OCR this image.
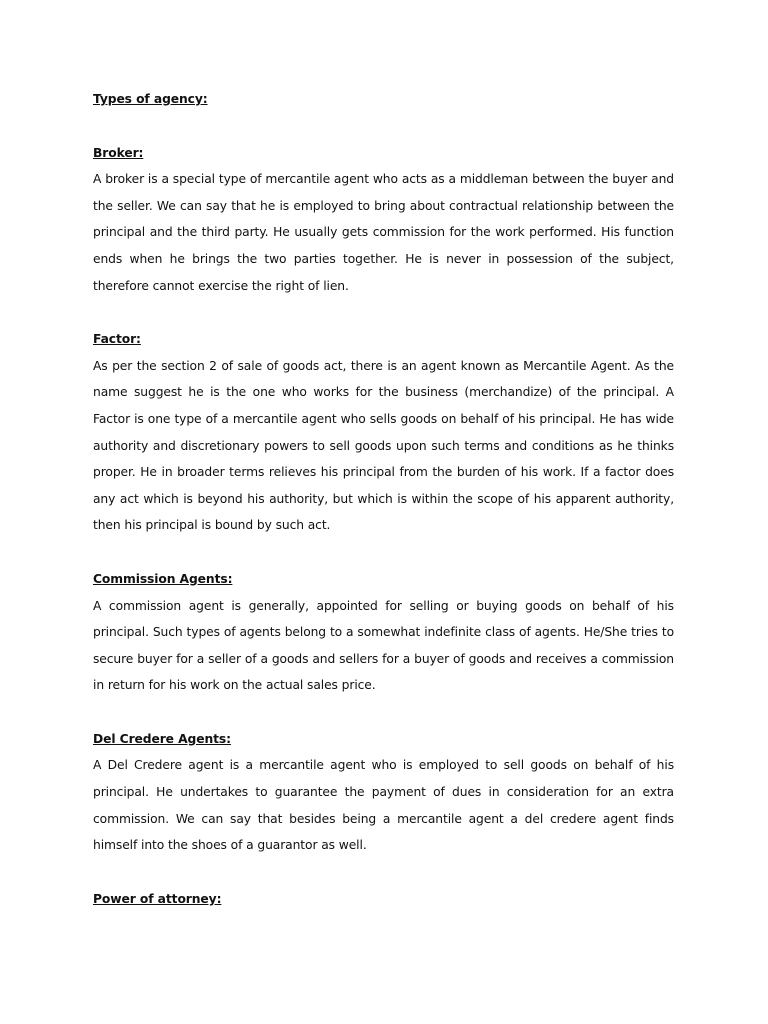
Types of agency:

Broker:

A broker is a special type of mercantile agent who acts as a middleman between the buyer and the seller. We can say that he is employed to bring about contractual relationship between the principal and the third party. He usually gets commission for the work performed. His function ends when he brings the two parties together. He is never in possession of the subject, therefore cannot exercise the right of lien.

Factor:

As per the section 2 of sale of goods act, there is an agent known as Mercantile Agent. As the name suggest he is the one who works for the business (merchandize) of the principal. A Factor is one type of a mercantile agent who sells goods on behalf of his principal. He has wide authority and discretionary powers to sell goods upon such terms and conditions as he thinks proper. He in broader terms relieves his principal from the burden of his work. If a factor does any act which is beyond his authority, but which is within the scope of his apparent authority, then his principal is bound by such act.

Commission Agents:

A commission agent is generally, appointed for selling or buying goods on behalf of his principal. Such types of agents belong to a somewhat indefinite class of agents. He/She tries to secure buyer for a seller of a goods and sellers for a buyer of goods and receives a commission in return for his work on the actual sales price.

Del Credere Agents:

A Del Credere agent is a mercantile agent who is employed to sell goods on behalf of his principal. He undertakes to guarantee the payment of dues in consideration for an extra commission. We can say that besides being a mercantile agent a del credere agent finds himself into the shoes of a guarantor as well.

Power of attorney:
